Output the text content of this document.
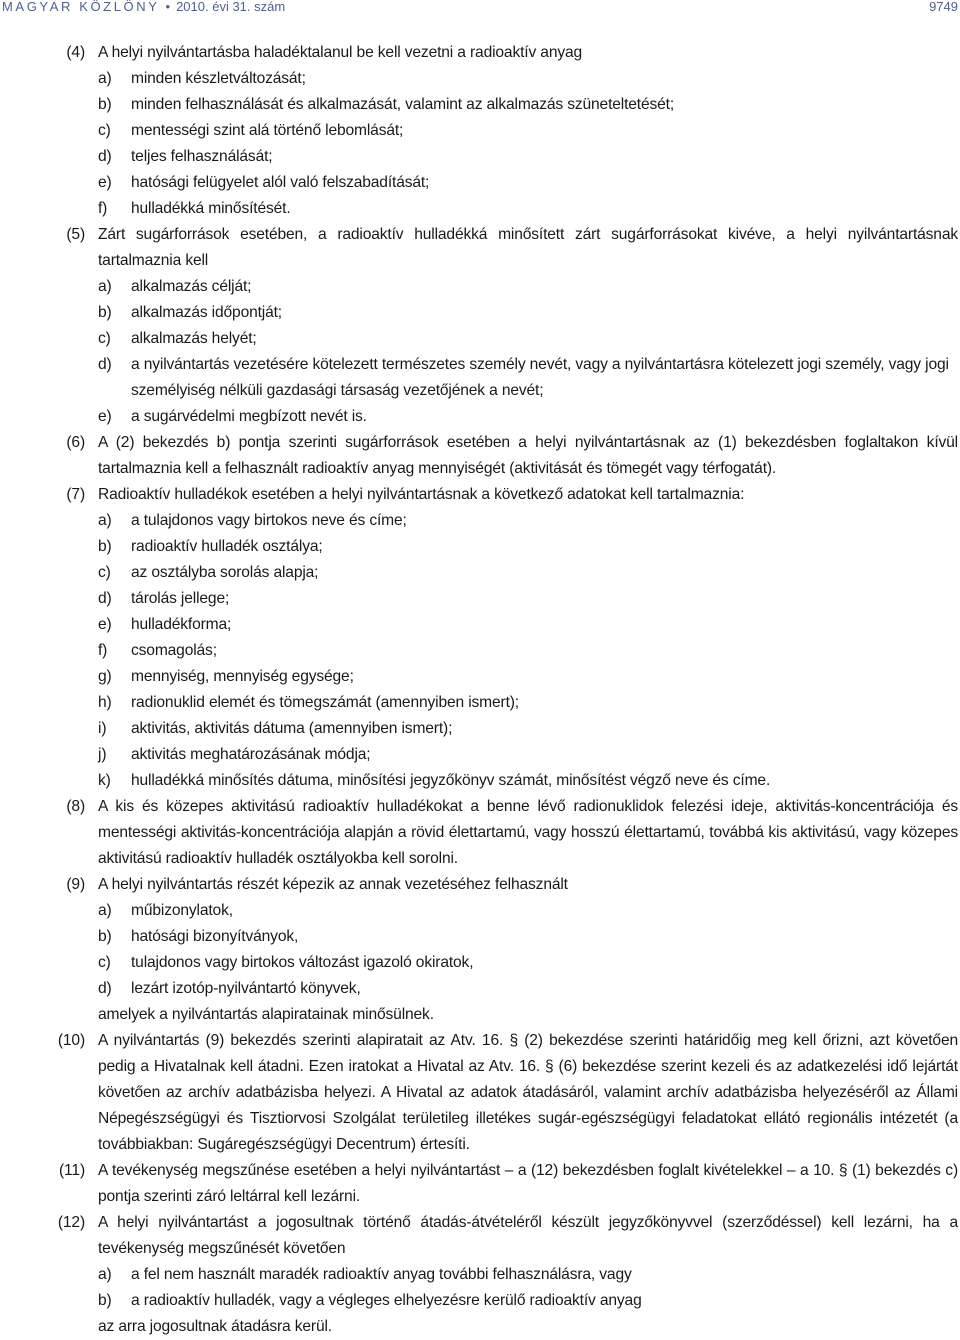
MAGYAR KÖZLÖNY • 2010. évi 31. szám	9749
(4) A helyi nyilvántartásba haladéktalanul be kell vezetni a radioaktív anyag
a) minden készletváltozását;
b) minden felhasználását és alkalmazását, valamint az alkalmazás szüneteltetését;
c) mentességi szint alá történő lebomlását;
d) teljes felhasználását;
e) hatósági felügyelet alól való felszabadítását;
f) hulladékká minősítését.
(5) Zárt sugárforrások esetében, a radioaktív hulladékká minősített zárt sugárforrásokat kivéve, a helyi nyilvántartásnak tartalmaznia kell
a) alkalmazás célját;
b) alkalmazás időpontját;
c) alkalmazás helyét;
d) a nyilvántartás vezetésére kötelezett természetes személy nevét, vagy a nyilvántartásra kötelezett jogi személy, vagy jogi személyiség nélküli gazdasági társaság vezetőjének a nevét;
e) a sugárvédelmi megbízott nevét is.
(6) A (2) bekezdés b) pontja szerinti sugárforrások esetében a helyi nyilvántartásnak az (1) bekezdésben foglaltakon kívül tartalmaznia kell a felhasznált radioaktív anyag mennyiségét (aktivitását és tömegét vagy térfogatát).
(7) Radioaktív hulladékok esetében a helyi nyilvántartásnak a következő adatokat kell tartalmaznia:
a) a tulajdonos vagy birtokos neve és címe;
b) radioaktív hulladék osztálya;
c) az osztályba sorolás alapja;
d) tárolás jellege;
e) hulladékforma;
f) csomagolás;
g) mennyiség, mennyiség egysége;
h) radionuklid elemét és tömegszámát (amennyiben ismert);
i) aktivitás, aktivitás dátuma (amennyiben ismert);
j) aktivitás meghatározásának módja;
k) hulladékká minősítés dátuma, minősítési jegyzőkönyv számát, minősítést végző neve és címe.
(8) A kis és közepes aktivitású radioaktív hulladékokat a benne lévő radionuklidok felezési ideje, aktivitás-koncentrációja és mentességi aktivitás-koncentrációja alapján a rövid élettartamú, vagy hosszú élettartamú, továbbá kis aktivitású, vagy közepes aktivitású radioaktív hulladék osztályokba kell sorolni.
(9) A helyi nyilvántartás részét képezik az annak vezetéséhez felhasznált
a) műbizonylatok,
b) hatósági bizonyítványok,
c) tulajdonos vagy birtokos változást igazoló okiratok,
d) lezárt izotóp-nyilvántartó könyvek,
amelyek a nyilvántartás alapiratainak minősülnek.
(10) A nyilvántartás (9) bekezdés szerinti alapiratait az Atv. 16. § (2) bekezdése szerinti határidőig meg kell őrizni, azt követően pedig a Hivatalnak kell átadni. Ezen iratokat a Hivatal az Atv. 16. § (6) bekezdése szerint kezeli és az adatkezelési idő lejártát követően az archív adatbázisba helyezi. A Hivatal az adatok átadásáról, valamint archív adatbázisba helyezéséről az Állami Népegészségügyi és Tisztiorvosi Szolgálat területileg illetékes sugár-egészségügyi feladatokat ellátó regionális intézetét (a továbbiakban: Sugáregészségügyi Decentrum) értesíti.
(11) A tevékenység megszűnése esetében a helyi nyilvántartást – a (12) bekezdésben foglalt kivételekkel – a 10. § (1) bekezdés c) pontja szerinti záró leltárral kell lezárni.
(12) A helyi nyilvántartást a jogosultnak történő átadás-átvételéről készült jegyzőkönyvvel (szerződéssel) kell lezárni, ha a tevékenység megszűnését követően
a) a fel nem használt maradék radioaktív anyag további felhasználásra, vagy
b) a radioaktív hulladék, vagy a végleges elhelyezésre kerülő radioaktív anyag
az arra jogosultnak átadásra kerül.
